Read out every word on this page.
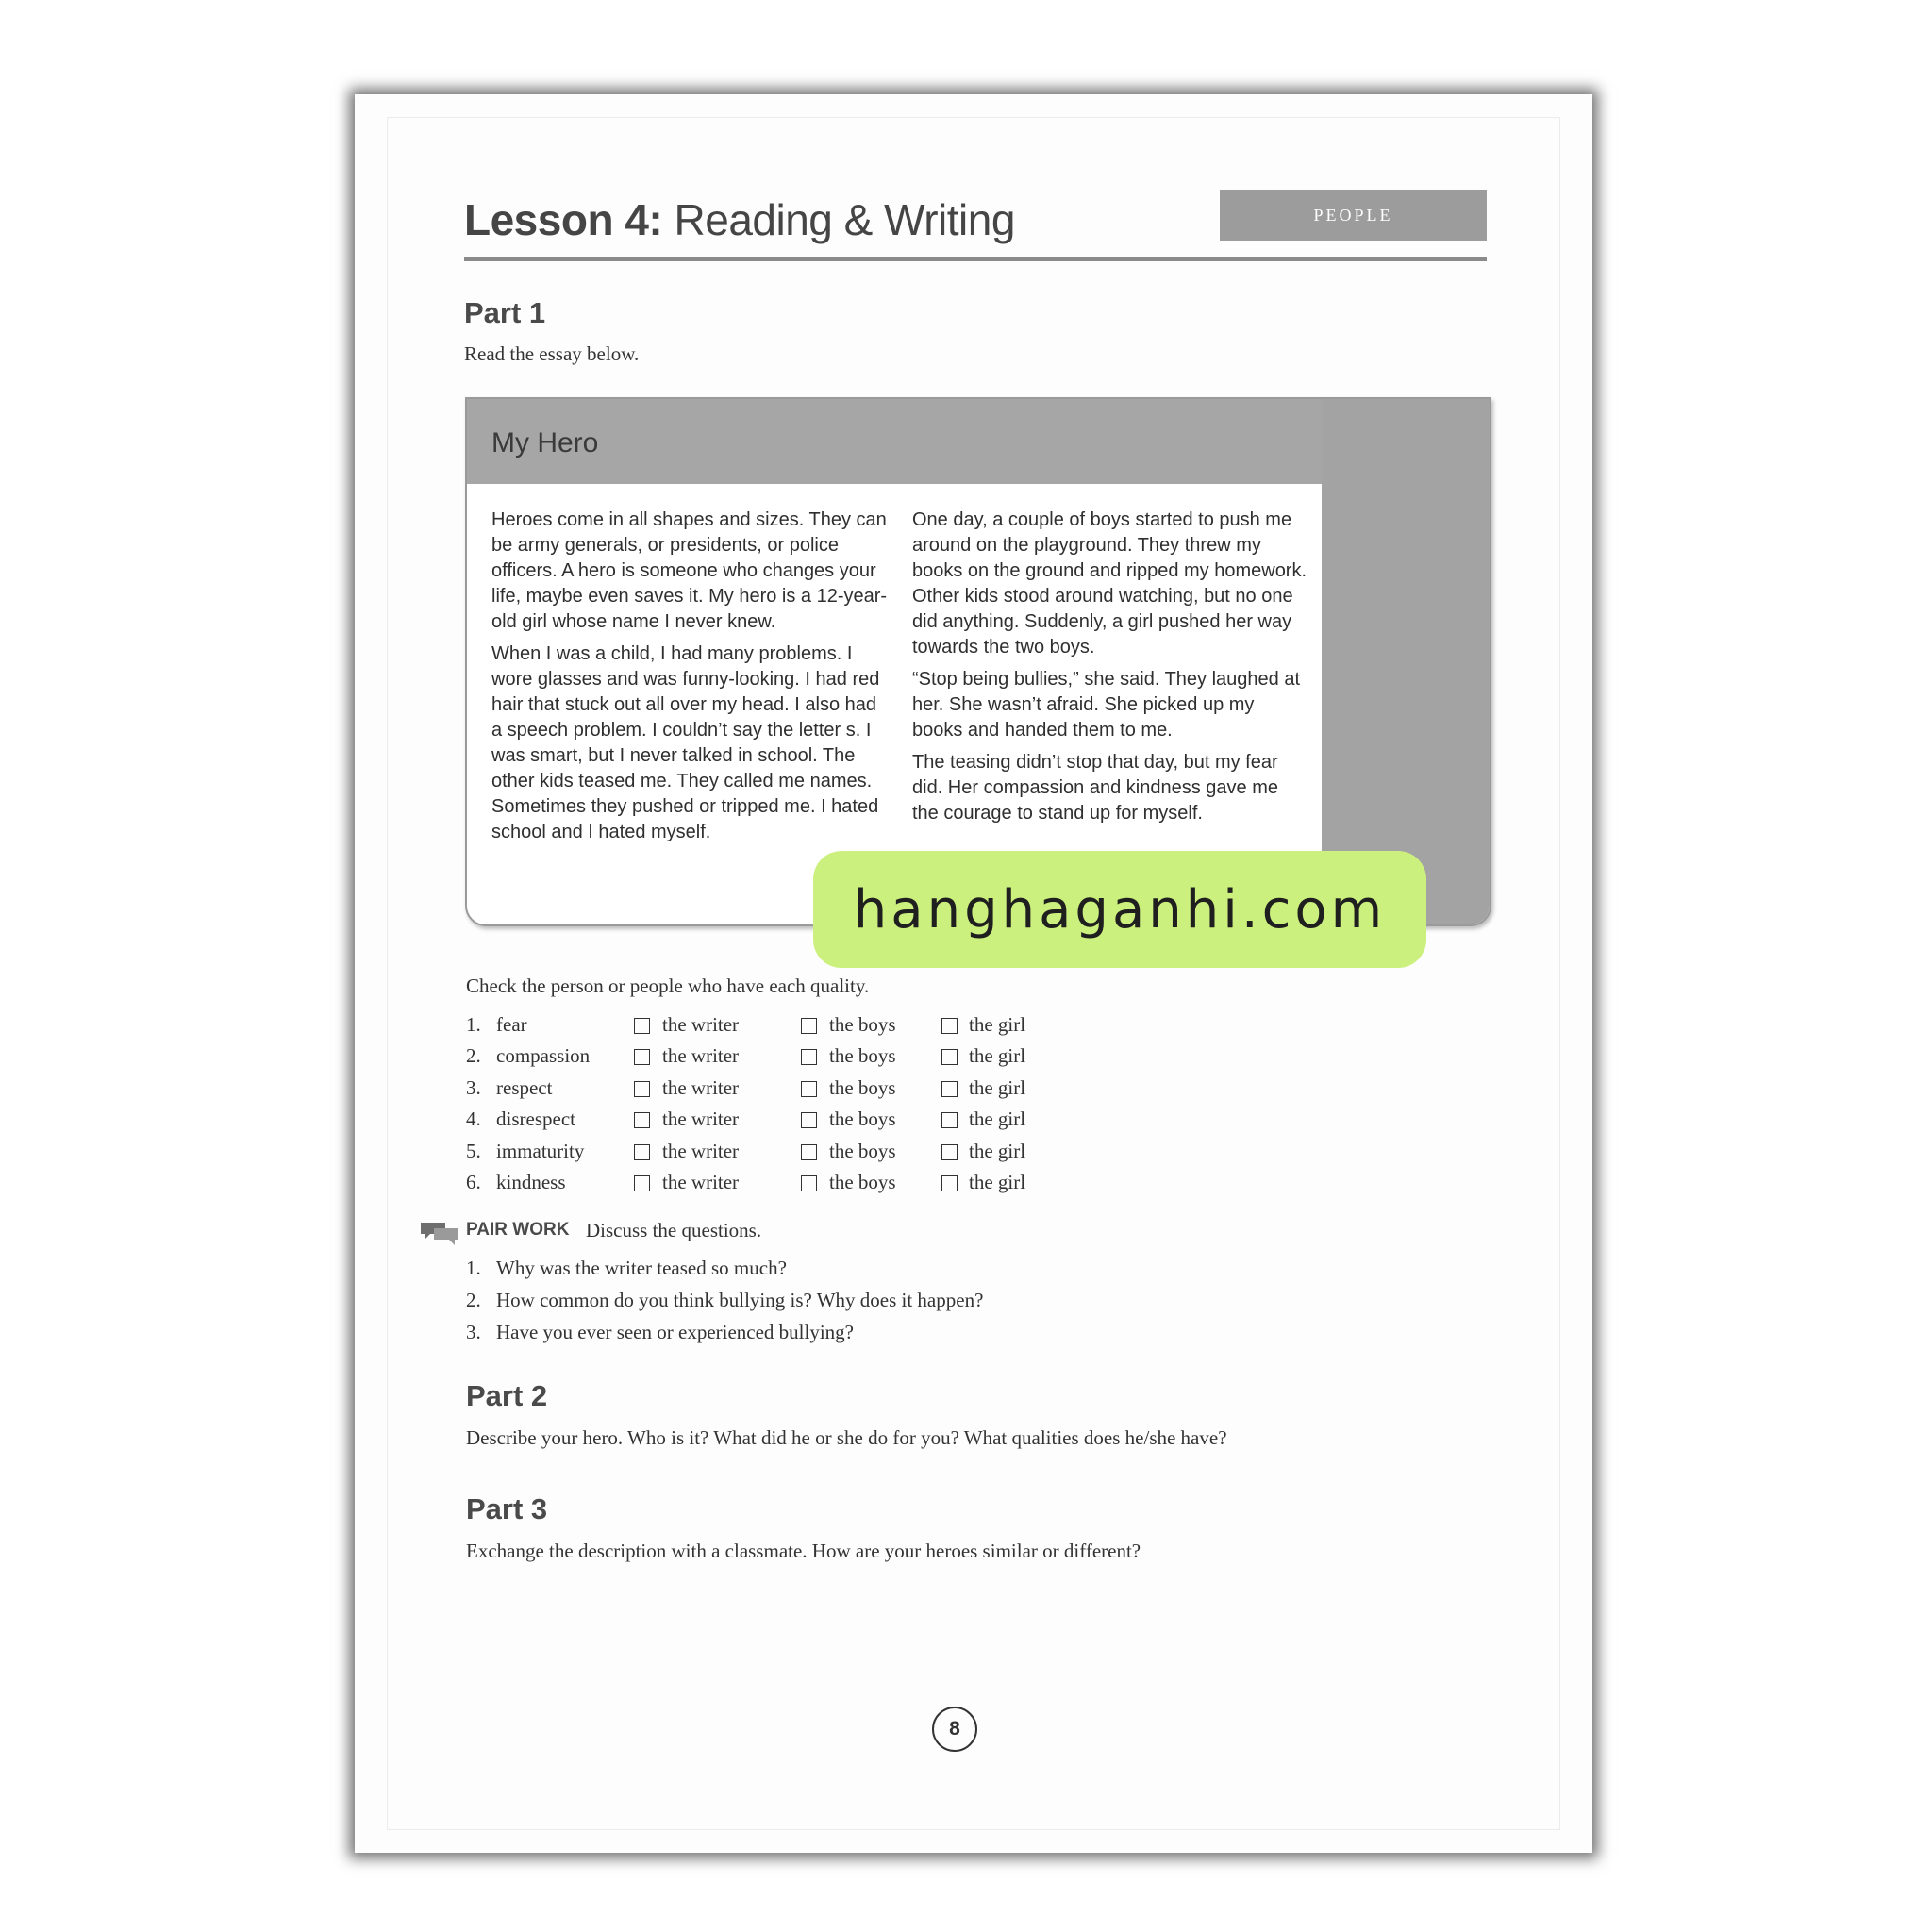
Lesson 4: Reading & Writing	PEOPLE
Part 1
Read the essay below.
My Hero

Heroes come in all shapes and sizes. They can be army generals, or presidents, or police officers. A hero is someone who changes your life, maybe even saves it. My hero is a 12-year-old girl whose name I never knew.

When I was a child, I had many problems. I wore glasses and was funny-looking. I had red hair that stuck out all over my head. I also had a speech problem. I couldn’t say the letter s. I was smart, but I never talked in school. The other kids teased me. They called me names. Sometimes they pushed or tripped me. I hated school and I hated myself.

One day, a couple of boys started to push me around on the playground. They threw my books on the ground and ripped my homework. Other kids stood around watching, but no one did anything. Suddenly, a girl pushed her way towards the two boys.

“Stop being bullies,” she said. They laughed at her. She wasn’t afraid. She picked up my books and handed them to me.

The teasing didn’t stop that day, but my fear did. Her compassion and kindness gave me the courage to stand up for myself.

hanghaganhi.com
Check the person or people who have each quality.
1. fear	the writer	the boys	the girl
2. compassion	the writer	the boys	the girl
3. respect	the writer	the boys	the girl
4. disrespect	the writer	the boys	the girl
5. immaturity	the writer	the boys	the girl
6. kindness	the writer	the boys	the girl
PAIR WORK Discuss the questions.
1. Why was the writer teased so much?
2. How common do you think bullying is? Why does it happen?
3. Have you ever seen or experienced bullying?
Part 2
Describe your hero. Who is it? What did he or she do for you? What qualities does he/she have?
Part 3
Exchange the description with a classmate. How are your heroes similar or different?
8
